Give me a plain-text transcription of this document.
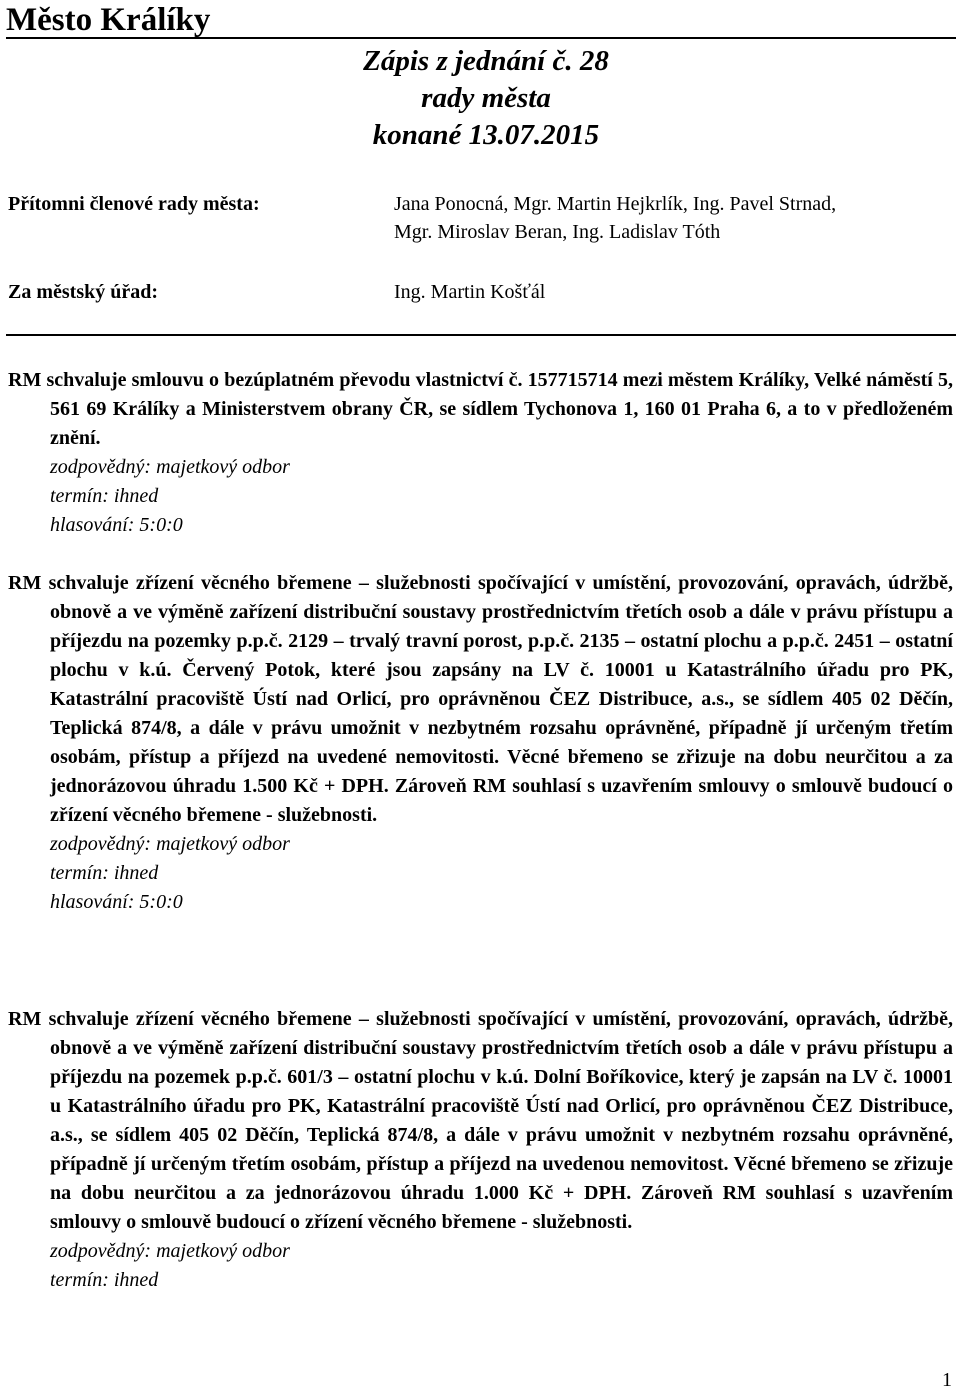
Město Králíky
Zápis z jednání č. 28
rady města
konané 13.07.2015
Přítomni členové rady města:	Jana Ponocná, Mgr. Martin Hejkrlík, Ing. Pavel Strnad,
Mgr. Miroslav Beran, Ing. Ladislav Tóth
Za městský úřad:	Ing. Martin Košťál

RM schvaluje smlouvu o bezúplatném převodu vlastnictví č. 157715714 mezi městem Králíky, Velké náměstí 5, 561 69 Králíky a Ministerstvem obrany ČR, se sídlem Tychonova 1, 160 01 Praha 6, a to v předloženém znění.

zodpovědný: majetkový odbor
termín: ihned
hlasování: 5:0:0

RM schvaluje zřízení věcného břemene – služebnosti spočívající v umístění, provozování, opravách, údržbě, obnově a ve výměně zařízení distribuční soustavy prostřednictvím třetích osob a dále v právu přístupu a příjezdu na pozemky p.p.č. 2129 – trvalý travní porost, p.p.č. 2135 – ostatní plochu a p.p.č. 2451 – ostatní plochu v k.ú. Červený Potok, které jsou zapsány na LV č. 10001 u Katastrálního úřadu pro PK, Katastrální pracoviště Ústí nad Orlicí, pro oprávněnou ČEZ Distribuce, a.s., se sídlem 405 02 Děčín, Teplická 874/8, a dále v právu umožnit v nezbytném rozsahu oprávněné, případně jí určeným třetím osobám, přístup a příjezd na uvedené nemovitosti. Věcné břemeno se zřizuje na dobu neurčitou a za jednorázovou úhradu 1.500 Kč + DPH. Zároveň RM souhlasí s uzavřením smlouvy o smlouvě budoucí o zřízení věcného břemene - služebnosti.

zodpovědný: majetkový odbor
termín: ihned
hlasování: 5:0:0

RM schvaluje zřízení věcného břemene – služebnosti spočívající v umístění, provozování, opravách, údržbě, obnově a ve výměně zařízení distribuční soustavy prostřednictvím třetích osob a dále v právu přístupu a příjezdu na pozemek p.p.č. 601/3 – ostatní plochu v k.ú. Dolní Boříkovice, který je zapsán na LV č. 10001 u Katastrálního úřadu pro PK, Katastrální pracoviště Ústí nad Orlicí, pro oprávněnou ČEZ Distribuce, a.s., se sídlem 405 02 Děčín, Teplická 874/8, a dále v právu umožnit v nezbytném rozsahu oprávněné, případně jí určeným třetím osobám, přístup a příjezd na uvedenou nemovitost. Věcné břemeno se zřizuje na dobu neurčitou a za jednorázovou úhradu 1.000 Kč + DPH. Zároveň RM souhlasí s uzavřením smlouvy o smlouvě budoucí o zřízení věcného břemene - služebnosti.

zodpovědný: majetkový odbor
termín: ihned
1
